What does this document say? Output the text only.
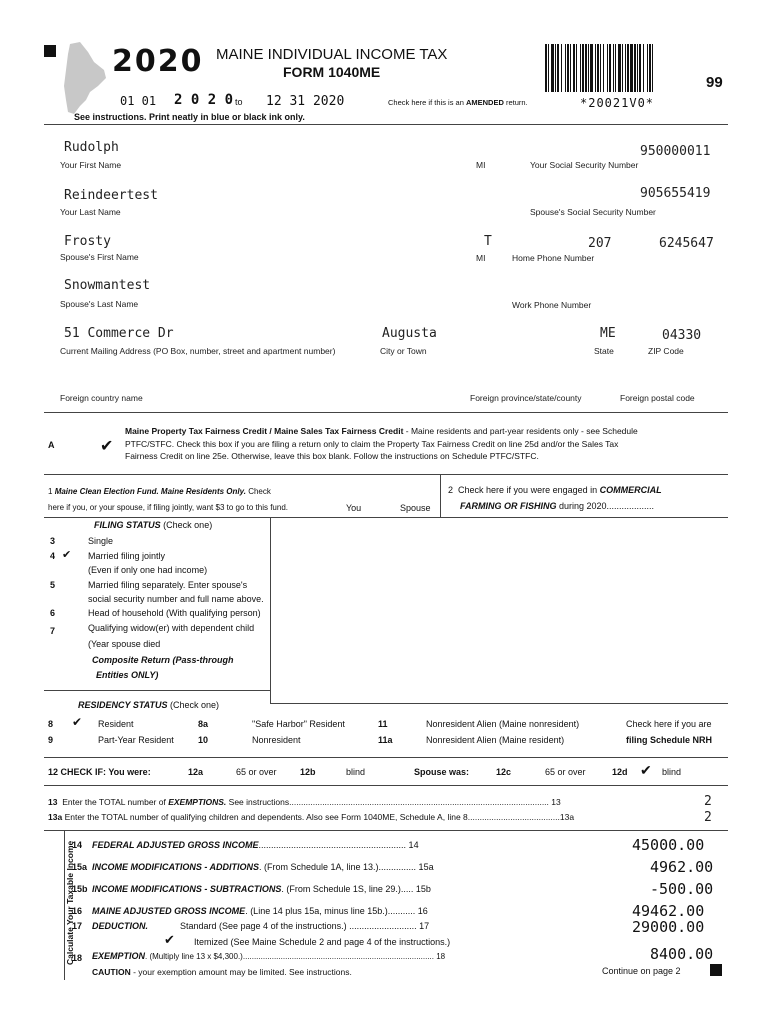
2020 MAINE INDIVIDUAL INCOME TAX
FORM 1040ME
99
01 01 2 0 2 0 to 12 31 2020	Check here if this is an AMENDED return.	*20021V0*
See instructions. Print neatly in blue or black ink only.
Rudolph
Your First Name	MI
950000011
Your Social Security Number
Reindeertest
Your Last Name
905655419
Spouse's Social Security Number
Frosty
Spouse's First Name
T
MI
207	6245647
Home Phone Number
Snowmantest
Spouse's Last Name	Work Phone Number
51 Commerce Dr
Current Mailing Address (PO Box, number, street and apartment number)
Augusta
City or Town
ME
State
04330
ZIP Code
Foreign country name	Foreign province/state/county	Foreign postal code
A	✔
Maine Property Tax Fairness Credit / Maine Sales Tax Fairness Credit - Maine residents and part-year residents only - see Schedule
PTFC/STFC. Check this box if you are filing a return only to claim the Property Tax Fairness Credit on line 25d and/or the Sales Tax
Fairness Credit on line 25e. Otherwise, leave this box blank. Follow the instructions on Schedule PTFC/STFC.
1 Maine Clean Election Fund. Maine Residents Only. Check
here if you, or your spouse, if filing jointly, want $3 to go to this fund.	You	Spouse
2 Check here if you were engaged in COMMERCIAL
FARMING OR FISHING during 2020...................
FILING STATUS (Check one)
3	Single
4 ✔ Married filing jointly
(Even if only one had income)
5	Married filing separately. Enter spouse's
social security number and full name above.
6	Head of household (With qualifying person)
7	Qualifying widow(er) with dependent child
(Year spouse died
Composite Return (Pass-through
Entities ONLY)
RESIDENCY STATUS (Check one)
8 ✔ Resident	8a	"Safe Harbor" Resident	11	Nonresident Alien (Maine nonresident)	Check here if you are
9	Part-Year Resident	10	Nonresident	11a	Nonresident Alien (Maine resident)	filing Schedule NRH
12 CHECK IF: You were:	12a	65 or over	12b	blind	Spouse was:	12c	65 or over	12d ✔ blind
13 Enter the TOTAL number of EXEMPTIONS. See instructions.............................................................................................................. 13	2
13a Enter the TOTAL number of qualifying children and dependents. Also see Form 1040ME, Schedule A, line 8.......................................13a	2
Calculate Your Taxable Income
14 FEDERAL ADJUSTED GROSS INCOME........................................................... 14	45000.00
15a INCOME MODIFICATIONS - ADDITIONS. (From Schedule 1A, line 13.)............... 15a	4962.00
15b INCOME MODIFICATIONS - SUBTRACTIONS. (From Schedule 1S, line 29.)..... 15b	-500.00
16 MAINE ADJUSTED GROSS INCOME. (Line 14 plus 15a, minus line 15b.)........... 16	49462.00
17 DEDUCTION.	Standard (See page 4 of the instructions.) ........................... 17	29000.00
✔ Itemized (See Maine Schedule 2 and page 4 of the instructions.)
18 EXEMPTION. (Multiply line 13 x $4,300.)...................................................................................... 18	8400.00
CAUTION - your exemption amount may be limited. See instructions.	Continue on page 2
